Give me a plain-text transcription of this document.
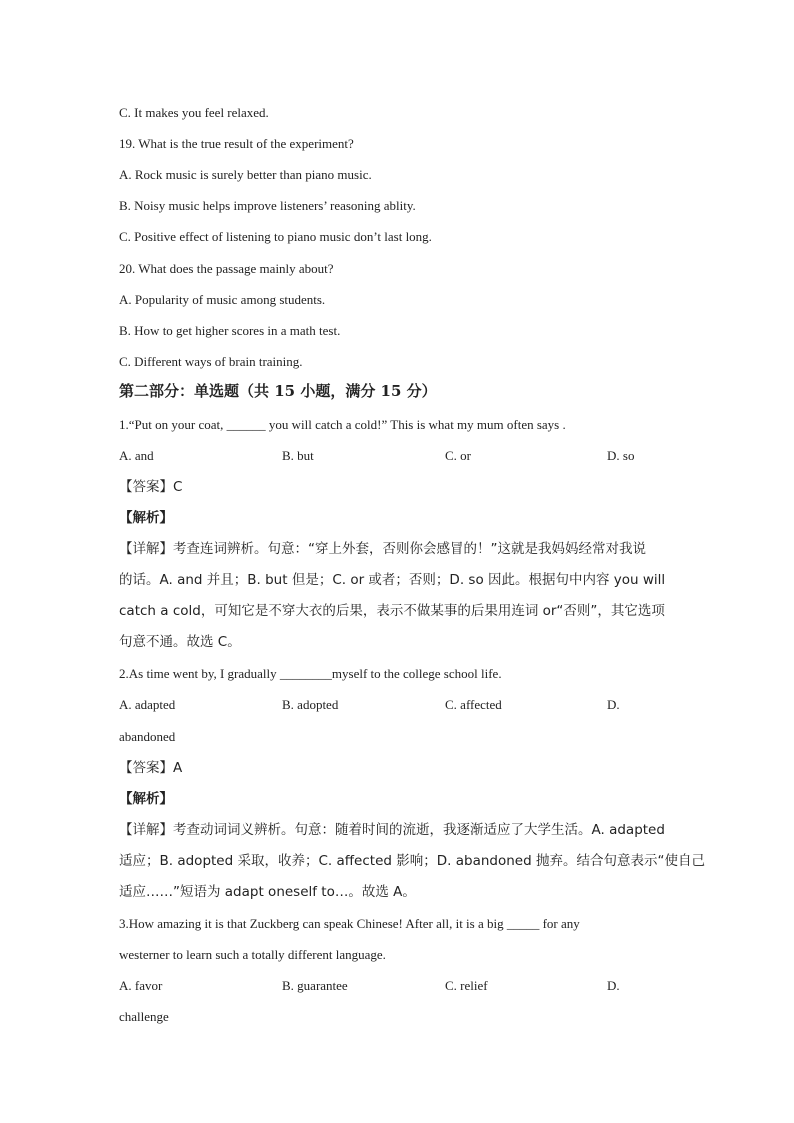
C. It makes you feel relaxed.
19. What is the true result of the experiment?
A. Rock music is surely better than piano music.
B. Noisy music helps improve listeners’ reasoning ablity.
C. Positive effect of listening to piano music don’t last long.
20. What does the passage mainly about?
A. Popularity of music among students.
B. How to get higher scores in a math test.
C. Different ways of brain training.
第二部分：单选题（共 15 小题，满分 15 分）
1.“Put on your coat, ______ you will catch a cold!” This is what my mum often says .
A. and	B. but	C. or	D. so
【答案】C
【解析】
【详解】考查连词辨析。句意：“穿上外套，否则你会感冒的！”这就是我妈妈经常对我说
的话。A. and 并且；B. but 但是；C. or 或者；否则；D. so 因此。根据句中内容 you will
catch a cold，可知它是不穿大衣的后果，表示不做某事的后果用连词 or“否则”，其它选项
句意不通。故选 C。
2.As time went by, I gradually ________myself to the college school life.
A. adapted	B. adopted	C. affected	D.
abandoned
【答案】A
【解析】
【详解】考查动词词义辨析。句意：随着时间的流逝，我逐渐适应了大学生活。A. adapted
适应；B. adopted 采取，收养；C. affected 影响；D. abandoned 抛弃。结合句意表示“使自己
适应……”短语为 adapt oneself to…。故选 A。
3.How amazing it is that Zuckberg can speak Chinese! After all, it is a big _____ for any
westerner to learn such a totally different language.
A. favor	B. guarantee	C. relief	D.
challenge
